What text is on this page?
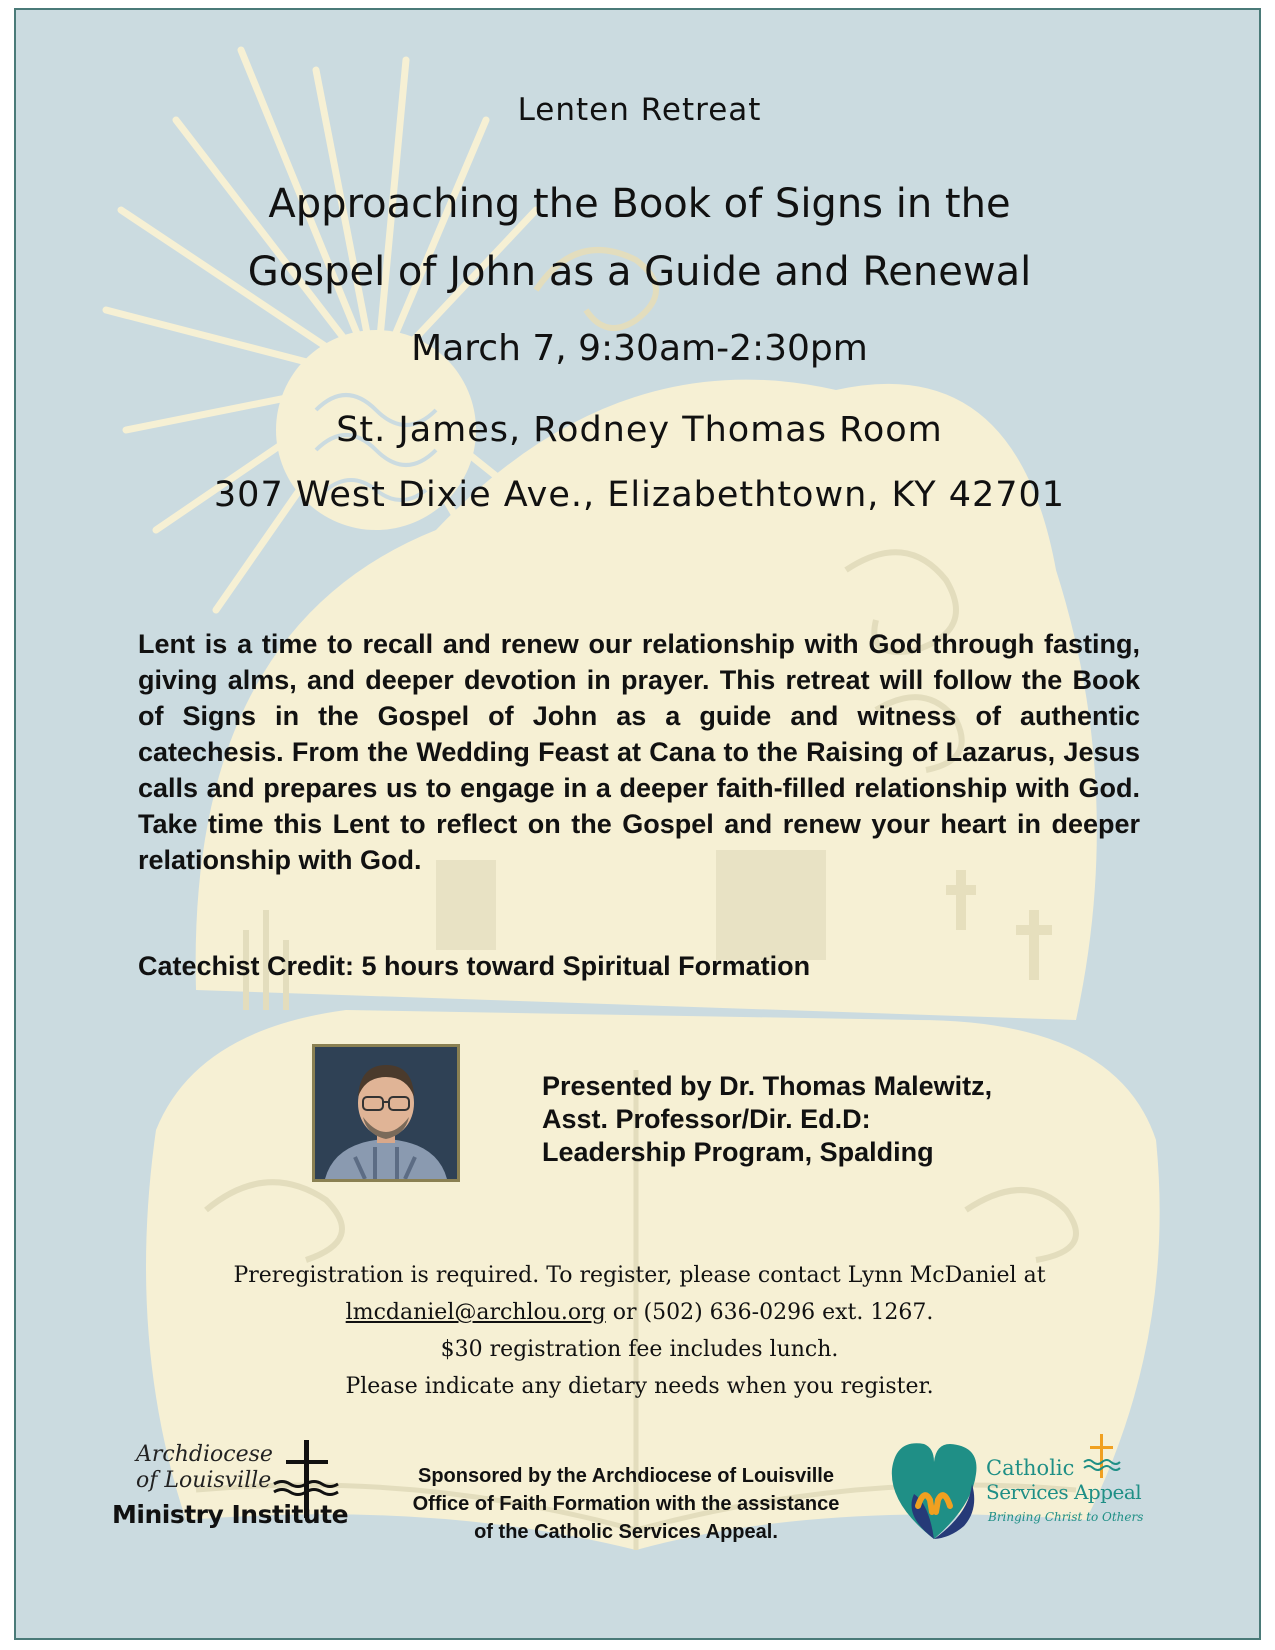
Lenten Retreat
Approaching the Book of Signs in the
Gospel of John as a Guide and Renewal
March 7, 9:30am-2:30pm
St. James, Rodney Thomas Room
307 West Dixie Ave., Elizabethtown, KY 42701
Lent is a time to recall and renew our relationship with God through fasting, giving alms, and deeper devotion in prayer. This retreat will follow the Book of Signs in the Gospel of John as a guide and witness of authentic catechesis. From the Wedding Feast at Cana to the Raising of Lazarus, Jesus calls and prepares us to engage in a deeper faith-filled relationship with God. Take time this Lent to reflect on the Gospel and renew your heart in deeper relationship with God.
Catechist Credit: 5 hours toward Spiritual Formation
Presented by Dr. Thomas Malewitz,
Asst. Professor/Dir. Ed.D:
Leadership Program, Spalding
Preregistration is required. To register, please contact Lynn McDaniel at
lmcdaniel@archlou.org or (502) 636-0296 ext. 1267.
$30 registration fee includes lunch.
Please indicate any dietary needs when you register.
Archdiocese
of Louisville
Ministry Institute
Sponsored by the Archdiocese of Louisville
Office of Faith Formation with the assistance
of the Catholic Services Appeal.
Catholic
Services Appeal
Bringing Christ to Others
